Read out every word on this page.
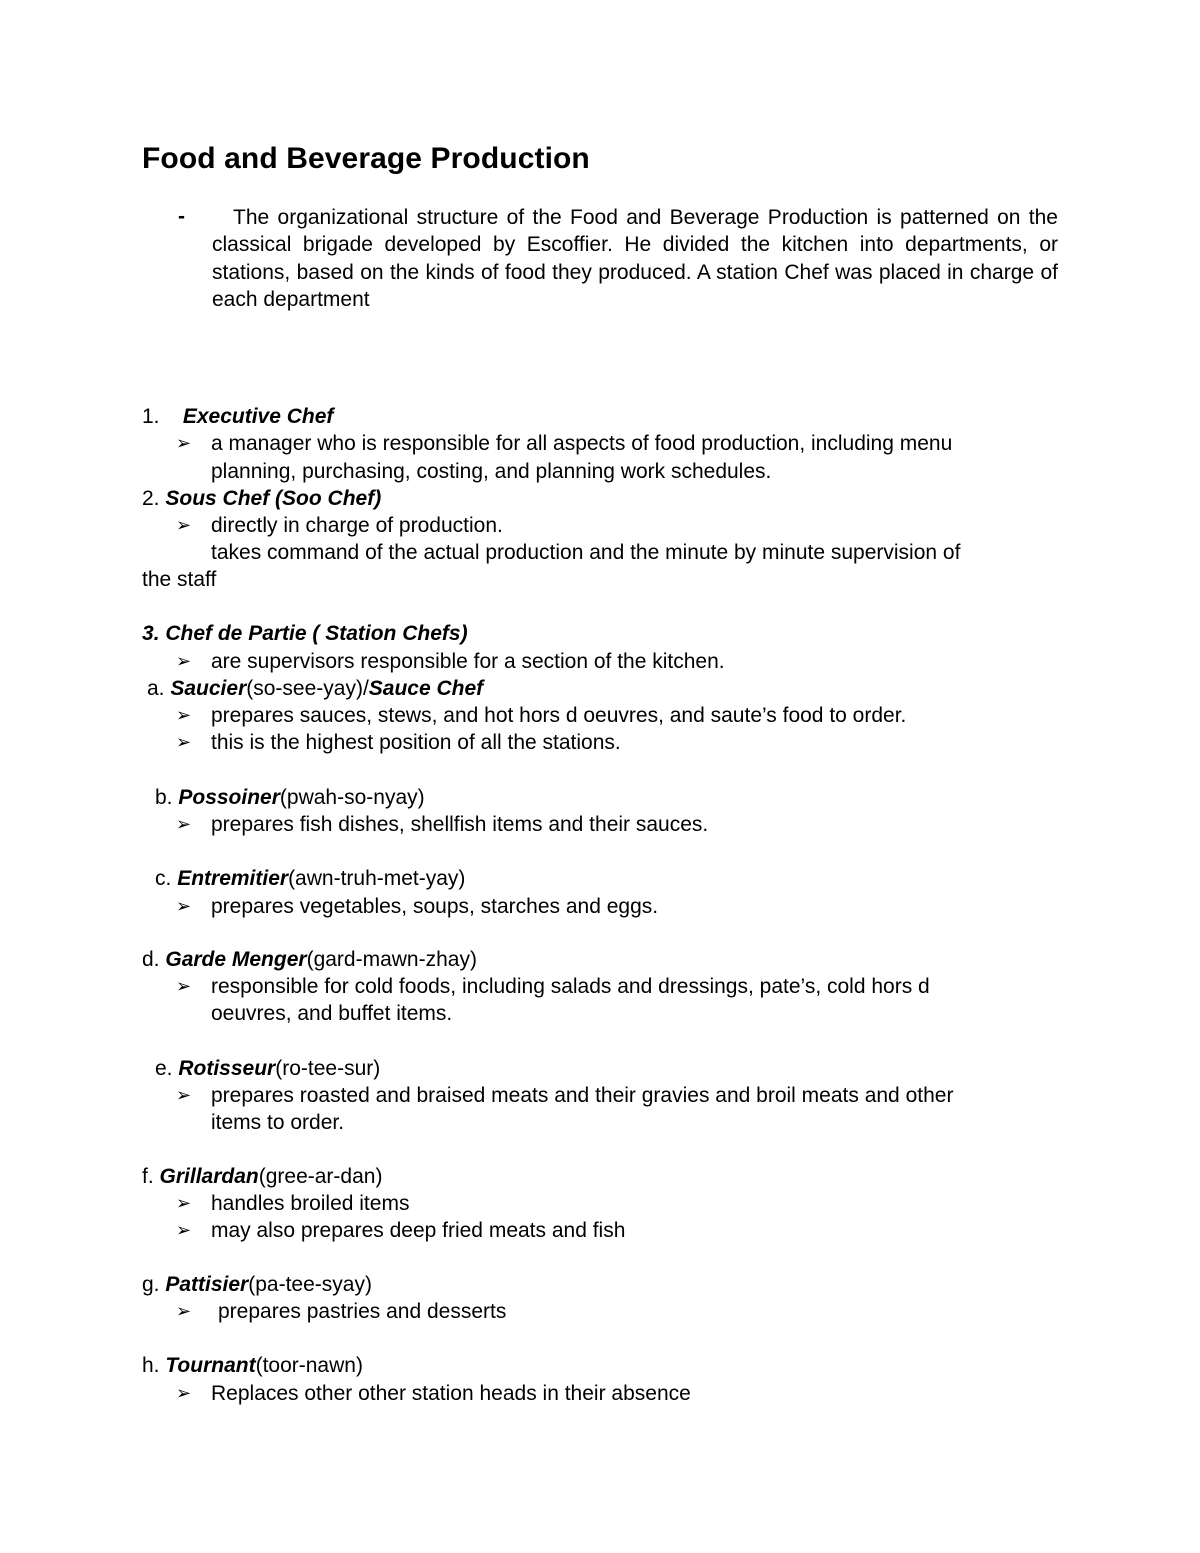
Food and Beverage Production
-	The organizational structure of the Food and Beverage Production is patterned on the classical brigade developed by Escoffier. He divided the kitchen into departments, or stations, based on the kinds of food they produced. A station Chef was placed in charge of each department
1. Executive Chef
➢ a manager who is responsible for all aspects of food production, including menu
planning, purchasing, costing, and planning work schedules.
2. Sous Chef (Soo Chef)
➢ directly in charge of production.
takes command of the actual production and the minute by minute supervision of
the staff
3. Chef de Partie ( Station Chefs)
➢ are supervisors responsible for a section of the kitchen.
a. Saucier(so-see-yay)/Sauce Chef
➢ prepares sauces, stews, and hot hors d oeuvres, and saute’s food to order.
➢ this is the highest position of all the stations.
b. Possoiner(pwah-so-nyay)
➢ prepares fish dishes, shellfish items and their sauces.
c. Entremitier(awn-truh-met-yay)
➢ prepares vegetables, soups, starches and eggs.
d. Garde Menger(gard-mawn-zhay)
➢ responsible for cold foods, including salads and dressings, pate’s, cold hors d
oeuvres, and buffet items.
e. Rotisseur(ro-tee-sur)
➢ prepares roasted and braised meats and their gravies and broil meats and other
items to order.
f. Grillardan(gree-ar-dan)
➢ handles broiled items
➢ may also prepares deep fried meats and fish
g. Pattisier(pa-tee-syay)
➢ prepares pastries and desserts
h. Tournant(toor-nawn)
➢ Replaces other other station heads in their absence
